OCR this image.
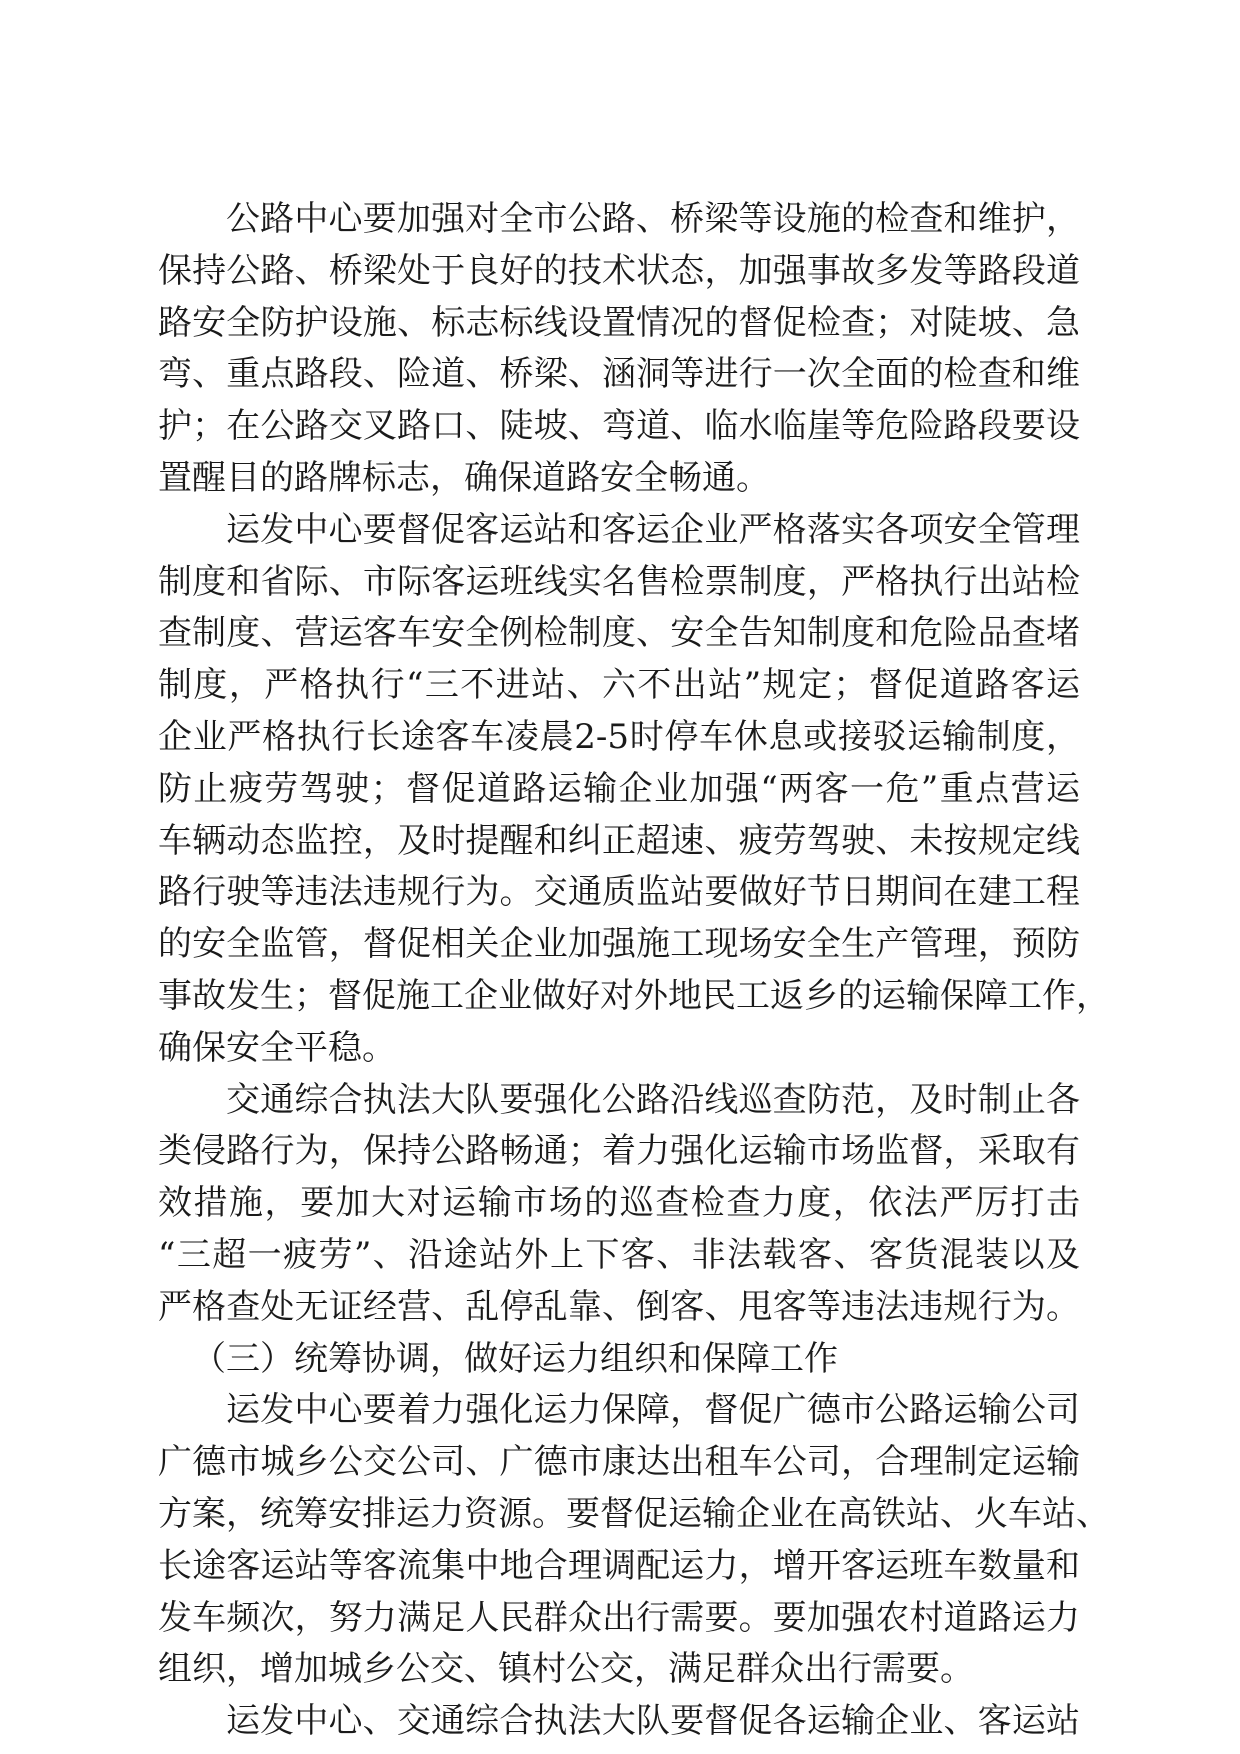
公路中心要加强对全市公路、桥梁等设施的检查和维护，
保持公路、桥梁处于良好的技术状态，加强事故多发等路段道
路安全防护设施、标志标线设置情况的督促检查；对陡坡、急
弯、重点路段、险道、桥梁、涵洞等进行一次全面的检查和维
护；在公路交叉路口、陡坡、弯道、临水临崖等危险路段要设
置醒目的路牌标志，确保道路安全畅通。
运发中心要督促客运站和客运企业严格落实各项安全管理
制度和省际、市际客运班线实名售检票制度，严格执行出站检
查制度、营运客车安全例检制度、安全告知制度和危险品查堵
制度，严格执行“三不进站、六不出站”规定；督促道路客运
企业严格执行长途客车凌晨2-5时停车休息或接驳运输制度，
防止疲劳驾驶；督促道路运输企业加强“两客一危”重点营运
车辆动态监控，及时提醒和纠正超速、疲劳驾驶、未按规定线
路行驶等违法违规行为。交通质监站要做好节日期间在建工程
的安全监管，督促相关企业加强施工现场安全生产管理，预防
事故发生；督促施工企业做好对外地民工返乡的运输保障工作，
确保安全平稳。
交通综合执法大队要强化公路沿线巡查防范，及时制止各
类侵路行为，保持公路畅通；着力强化运输市场监督，采取有
效措施，要加大对运输市场的巡查检查力度，依法严厉打击
“三超一疲劳”、沿途站外上下客、非法载客、客货混装以及
严格查处无证经营、乱停乱靠、倒客、甩客等违法违规行为。
（三）统筹协调，做好运力组织和保障工作
运发中心要着力强化运力保障，督促广德市公路运输公司
广德市城乡公交公司、广德市康达出租车公司，合理制定运输
方案，统筹安排运力资源。要督促运输企业在高铁站、火车站、
长途客运站等客流集中地合理调配运力，增开客运班车数量和
发车频次，努力满足人民群众出行需要。要加强农村道路运力
组织，增加城乡公交、镇村公交，满足群众出行需要。
运发中心、交通综合执法大队要督促各运输企业、客运站
